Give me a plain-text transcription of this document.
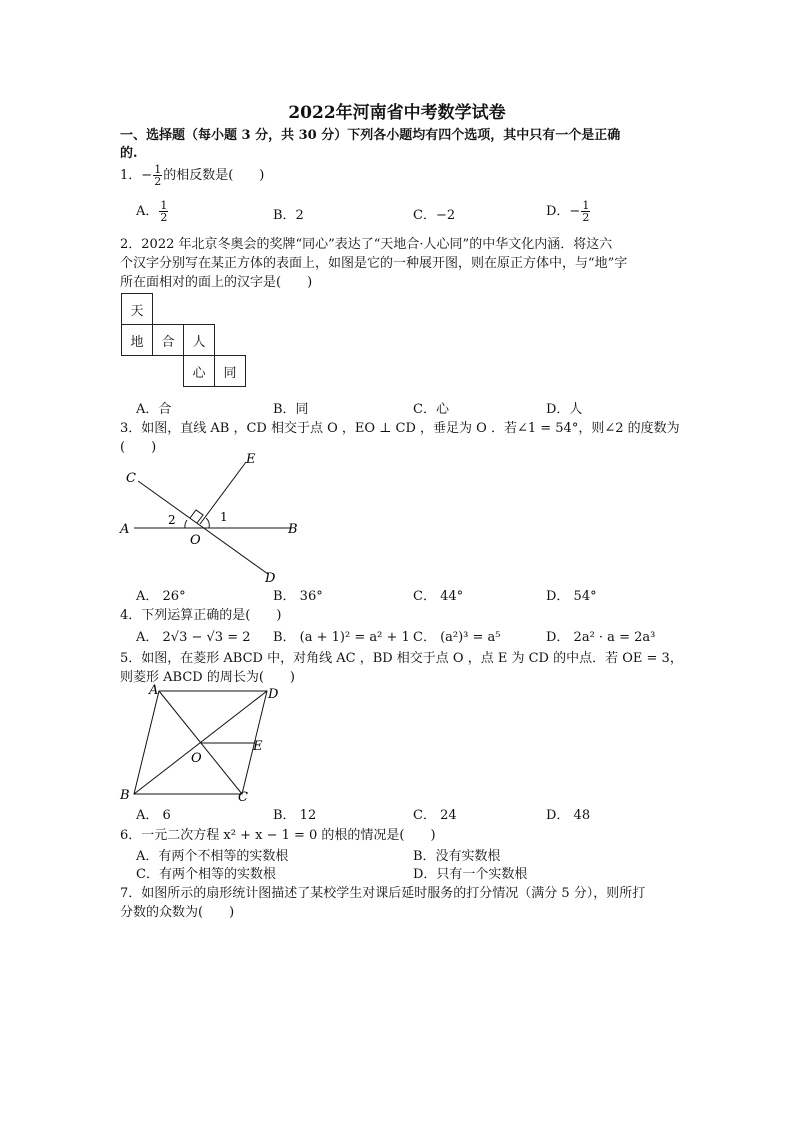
2022年河南省中考数学试卷
一、选择题（每小题 3 分，共 30 分）下列各小题均有四个选项，其中只有一个是正确
的.
1．− $\frac{1}{2}$ 的相反数是(　　)
A． $\frac{1}{2}$	B．2	C．−2	D．− $\frac{1}{2}$
2．2022 年北京冬奥会的奖牌“同心”表达了“天地合·人心同”的中华文化内涵．将这六
个汉字分别写在某正方体的表面上，如图是它的一种展开图，则在原正方体中，与“地”字
所在面相对的面上的汉字是(　　)
天			
地	合	人	
		心	同
A．合	B．同	C．心	D．人
3．如图，直线 AB ，CD 相交于点 O ，EO ⊥ CD ，垂足为 O ．若∠1 = 54°，则∠2 的度数为
(　　)
C
E
A	B
O
D
1
2
A． 26°	B． 36°	C． 44°	D． 54°
4．下列运算正确的是(　　)
A． 2√3 − √3 = 2 B． (a + 1)² = a² + 1 C． (a²)³ = a⁵	D． 2a² · a = 2a³
5．如图，在菱形 ABCD 中，对角线 AC ，BD 相交于点 O ，点 E 为 CD 的中点．若 OE = 3，
则菱形 ABCD 的周长为(　　)
A	D
E
O
B	C
A． 6	B． 12	C． 24	D． 48
6．一元二次方程 x² + x − 1 = 0 的根的情况是(　　)
A．有两个不相等的实数根	B．没有实数根
C．有两个相等的实数根	D．只有一个实数根
7．如图所示的扇形统计图描述了某校学生对课后延时服务的打分情况（满分 5 分），则所打
分数的众数为(　　)
